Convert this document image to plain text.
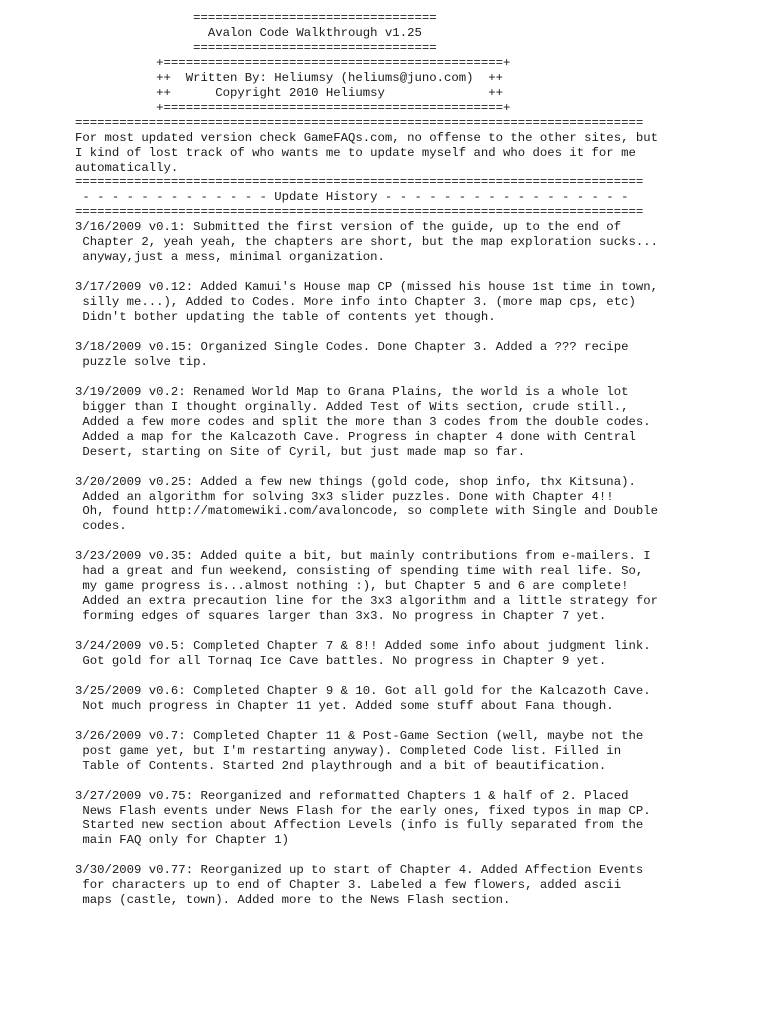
=================================
Avalon Code Walkthrough v1.25
=================================
+==============================================+
++  Written By: Heliumsy (heliums@juno.com)  ++
++      Copyright 2010 Heliumsy              ++
+==============================================+
=============================================================================
For most updated version check GameFAQs.com, no offense to the other sites, but
I kind of lost track of who wants me to update myself and who does it for me
automatically.
=============================================================================
- - - - - - - - - - - - - Update History - - - - - - - - - - - - - - - - -
=============================================================================
3/16/2009 v0.1: Submitted the first version of the guide, up to the end of
Chapter 2, yeah yeah, the chapters are short, but the map exploration sucks...
anyway,just a mess, minimal organization.

3/17/2009 v0.12: Added Kamui's House map CP (missed his house 1st time in town,
silly me...), Added to Codes. More info into Chapter 3. (more map cps, etc)
Didn't bother updating the table of contents yet though.

3/18/2009 v0.15: Organized Single Codes. Done Chapter 3. Added a ??? recipe
puzzle solve tip.

3/19/2009 v0.2: Renamed World Map to Grana Plains, the world is a whole lot
bigger than I thought orginally. Added Test of Wits section, crude still.,
Added a few more codes and split the more than 3 codes from the double codes.
Added a map for the Kalcazoth Cave. Progress in chapter 4 done with Central
Desert, starting on Site of Cyril, but just made map so far.

3/20/2009 v0.25: Added a few new things (gold code, shop info, thx Kitsuna).
Added an algorithm for solving 3x3 slider puzzles. Done with Chapter 4!!
Oh, found http://matomewiki.com/avaloncode, so complete with Single and Double
codes.

3/23/2009 v0.35: Added quite a bit, but mainly contributions from e-mailers. I
had a great and fun weekend, consisting of spending time with real life. So,
my game progress is...almost nothing :), but Chapter 5 and 6 are complete!
Added an extra precaution line for the 3x3 algorithm and a little strategy for
forming edges of squares larger than 3x3. No progress in Chapter 7 yet.

3/24/2009 v0.5: Completed Chapter 7 & 8!! Added some info about judgment link.
Got gold for all Tornaq Ice Cave battles. No progress in Chapter 9 yet.

3/25/2009 v0.6: Completed Chapter 9 & 10. Got all gold for the Kalcazoth Cave.
Not much progress in Chapter 11 yet. Added some stuff about Fana though.

3/26/2009 v0.7: Completed Chapter 11 & Post-Game Section (well, maybe not the
post game yet, but I'm restarting anyway). Completed Code list. Filled in
Table of Contents. Started 2nd playthrough and a bit of beautification.

3/27/2009 v0.75: Reorganized and reformatted Chapters 1 & half of 2. Placed
News Flash events under News Flash for the early ones, fixed typos in map CP.
Started new section about Affection Levels (info is fully separated from the
main FAQ only for Chapter 1)

3/30/2009 v0.77: Reorganized up to start of Chapter 4. Added Affection Events
for characters up to end of Chapter 3. Labeled a few flowers, added ascii
maps (castle, town). Added more to the News Flash section.
